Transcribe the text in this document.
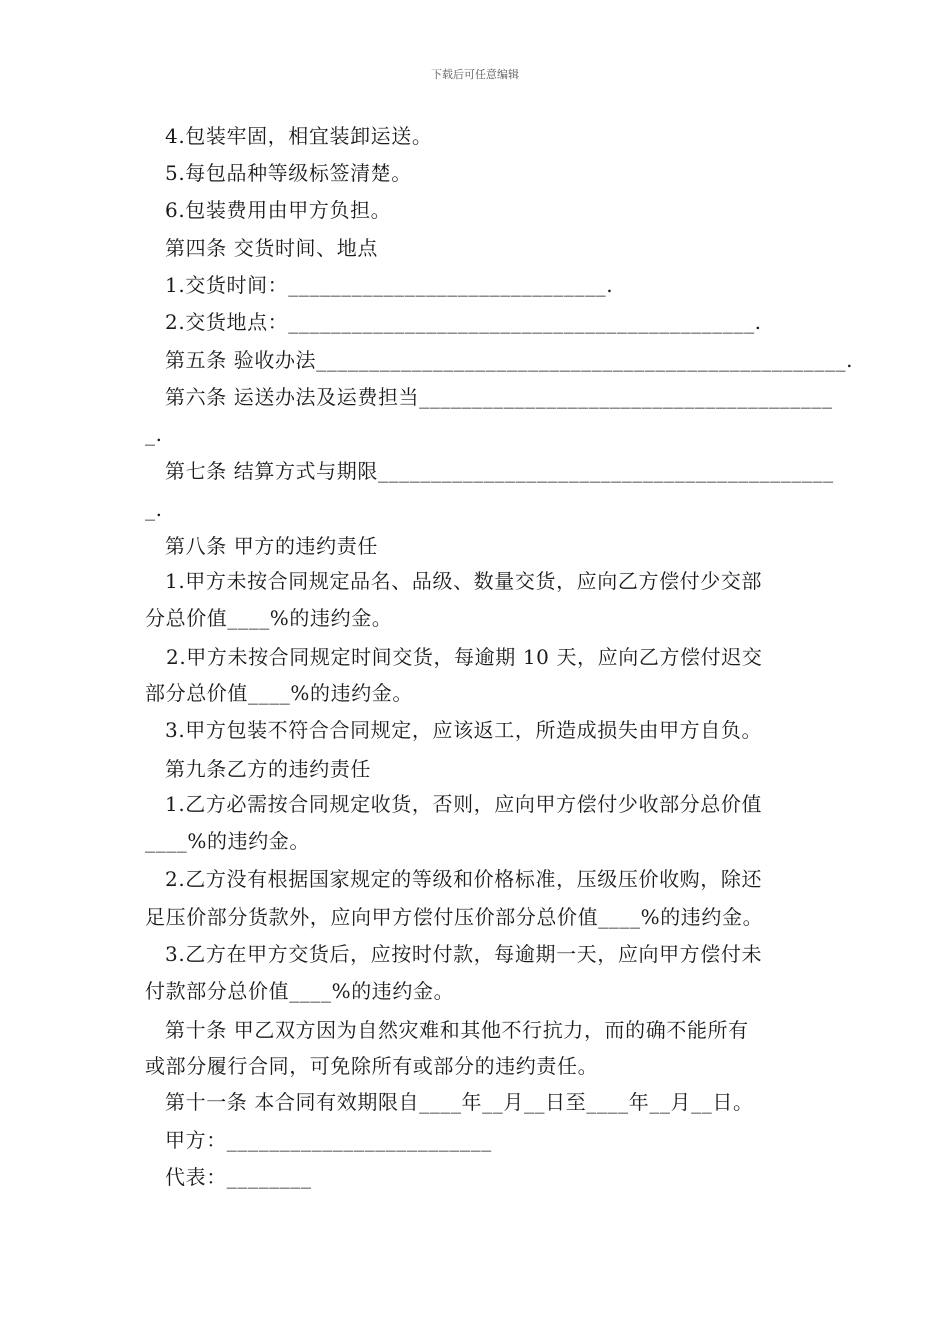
下载后可任意编辑
4.包装牢固，相宜装卸运送。
5.每包品种等级标签清楚。
6.包装费用由甲方负担。
第四条 交货时间、地点
1.交货时间：______________________________.
2.交货地点：____________________________________________.
第五条 验收办法__________________________________________________.
第六条 运送办法及运费担当_______________________________________
_.
第七条 结算方式与期限___________________________________________
_.
第八条 甲方的违约责任
1.甲方未按合同规定品名、品级、数量交货，应向乙方偿付少交部
分总价值____%的违约金。
2.甲方未按合同规定时间交货，每逾期 10 天，应向乙方偿付迟交
部分总价值____%的违约金。
3.甲方包装不符合合同规定，应该返工，所造成损失由甲方自负。
第九条乙方的违约责任
1.乙方必需按合同规定收货，否则，应向甲方偿付少收部分总价值
____%的违约金。
2.乙方没有根据国家规定的等级和价格标准，压级压价收购，除还
足压价部分货款外，应向甲方偿付压价部分总价值____%的违约金。
3.乙方在甲方交货后，应按时付款，每逾期一天，应向甲方偿付未
付款部分总价值____%的违约金。
第十条 甲乙双方因为自然灾难和其他不行抗力，而的确不能所有
或部分履行合同，可免除所有或部分的违约责任。
第十一条 本合同有效期限自____年__月__日至____年__月__日。
甲方：_________________________
代表：________
